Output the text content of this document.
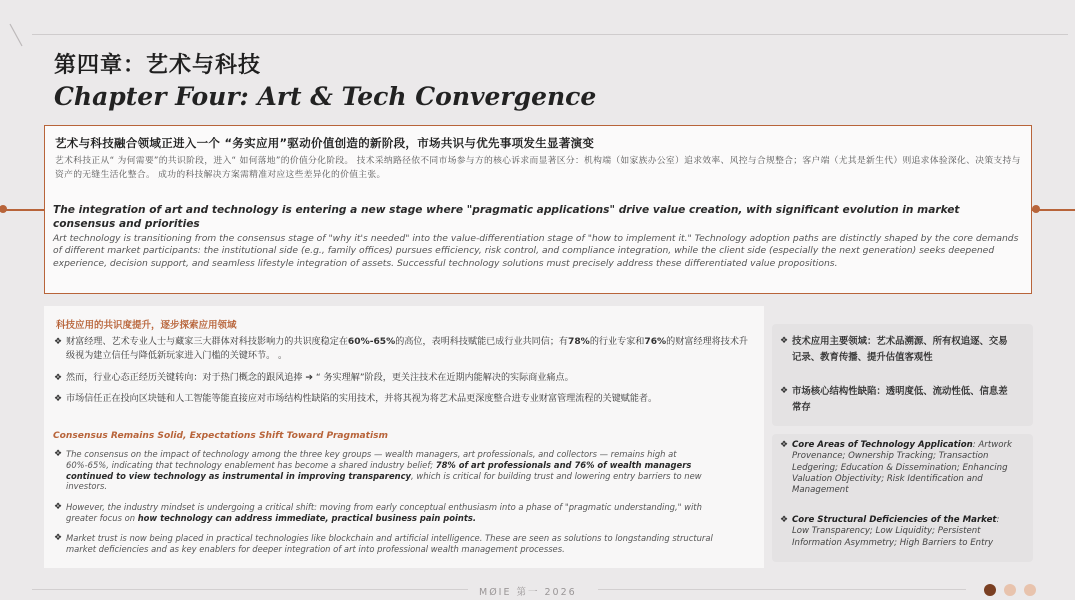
第四章：艺术与科技
Chapter Four: Art & Tech Convergence
艺术与科技融合领域正进入一个 “务实应用”驱动价值创造的新阶段，市场共识与优先事项发生显著演变
艺术科技正从“ 为何需要”的共识阶段，进入“ 如何落地”的价值分化阶段。 技术采纳路径依不同市场参与方的核心诉求而显著区分：机构端（如家族办公室）追求效率、风控与合规整合；客户端（尤其是新生代）则追求体验深化、决策支持与资产的无缝生活化整合。 成功的科技解决方案需精准对应这些差异化的价值主张。
The integration of art and technology is entering a new stage where "pragmatic applications" drive value creation, with significant evolution in market consensus and priorities
Art technology is transitioning from the consensus stage of "why it's needed" into the value-differentiation stage of "how to implement it." Technology adoption paths are distinctly shaped by the core demands of different market participants: the institutional side (e.g., family offices) pursues efficiency, risk control, and compliance integration, while the client side (especially the next generation) seeks deepened experience, decision support, and seamless lifestyle integration of assets. Successful technology solutions must precisely address these differentiated value propositions.
科技应用的共识度提升，逐步探索应用领域
❖ 财富经理、艺术专业人士与藏家三大群体对科技影响力的共识度稳定在60%-65%的高位，表明科技赋能已成行业共同信；有78%的行业专家和76%的财富经理将技术升级视为建立信任与降低新玩家进入门槛的关键环节。 。
❖ 然而，行业心态正经历关键转向：对于热门概念的跟风追捧 ➔ “ 务实理解”阶段，更关注技术在近期内能解决的实际商业痛点。
❖ 市场信任正在投向区块链和人工智能等能直接应对市场结构性缺陷的实用技术，并将其视为将艺术品更深度整合进专业财富管理流程的关键赋能者。
Consensus Remains Solid, Expectations Shift Toward Pragmatism
❖ The consensus on the impact of technology among the three key groups — wealth managers, art professionals, and collectors — remains high at 60%-65%, indicating that technology enablement has become a shared industry belief; 78% of art professionals and 76% of wealth managers continued to view technology as instrumental in improving transparency, which is critical for building trust and lowering entry barriers to new investors.
❖ However, the industry mindset is undergoing a critical shift: moving from early conceptual enthusiasm into a phase of "pragmatic understanding," with greater focus on how technology can address immediate, practical business pain points.
❖ Market trust is now being placed in practical technologies like blockchain and artificial intelligence. These are seen as solutions to longstanding structural market deficiencies and as key enablers for deeper integration of art into professional wealth management processes.
❖ 技术应用主要领域：艺术品溯源、所有权追逐、交易记录、教育传播、提升估值客观性
❖ 市场核心结构性缺陷：透明度低、流动性低、信息差常存
❖ Core Areas of Technology Application: Artwork Provenance; Ownership Tracking; Transaction Ledgering; Education & Dissemination; Enhancing Valuation Objectivity; Risk Identification and Management
❖ Core Structural Deficiencies of the Market: Low Transparency; Low Liquidity; Persistent Information Asymmetry; High Barriers to Entry
MØIE 第一 2026
